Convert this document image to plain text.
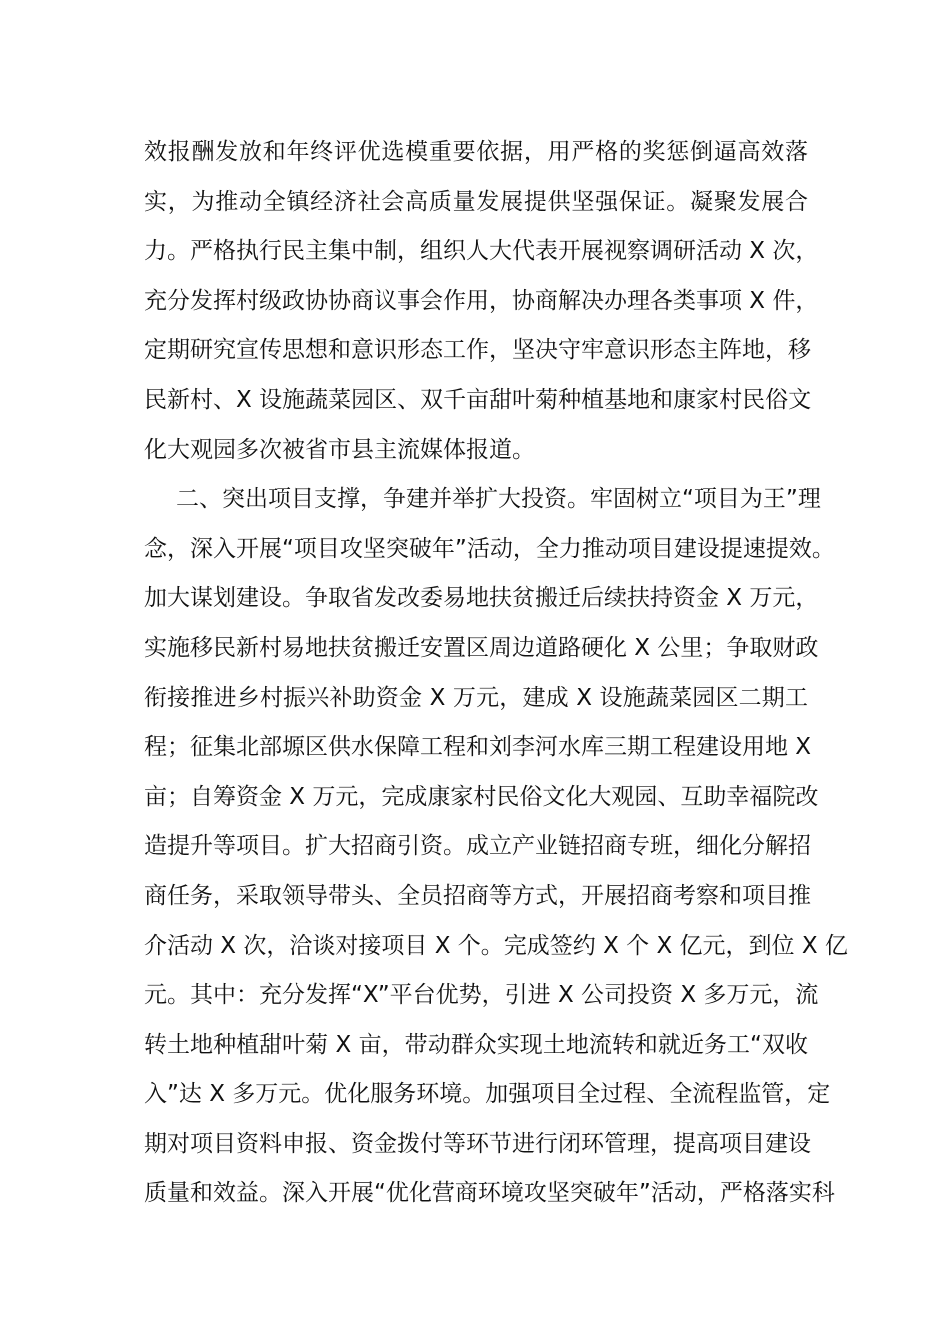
效报酬发放和年终评优选模重要依据，用严格的奖惩倒逼高效落
实，为推动全镇经济社会高质量发展提供坚强保证。凝聚发展合
力。严格执行民主集中制，组织人大代表开展视察调研活动 X 次，
充分发挥村级政协协商议事会作用，协商解决办理各类事项 X 件，
定期研究宣传思想和意识形态工作，坚决守牢意识形态主阵地，移
民新村、X 设施蔬菜园区、双千亩甜叶菊种植基地和康家村民俗文
化大观园多次被省市县主流媒体报道。
二、突出项目支撑，争建并举扩大投资。牢固树立“项目为王”理
念，深入开展“项目攻坚突破年”活动，全力推动项目建设提速提效。
加大谋划建设。争取省发改委易地扶贫搬迁后续扶持资金 X 万元，
实施移民新村易地扶贫搬迁安置区周边道路硬化 X 公里；争取财政
衔接推进乡村振兴补助资金 X 万元，建成 X 设施蔬菜园区二期工
程；征集北部塬区供水保障工程和刘李河水库三期工程建设用地 X
亩；自筹资金 X 万元，完成康家村民俗文化大观园、互助幸福院改
造提升等项目。扩大招商引资。成立产业链招商专班，细化分解招
商任务，采取领导带头、全员招商等方式，开展招商考察和项目推
介活动 X 次，洽谈对接项目 X 个。完成签约 X 个 X 亿元，到位 X 亿
元。其中：充分发挥“X”平台优势，引进 X 公司投资 X 多万元，流
转土地种植甜叶菊 X 亩，带动群众实现土地流转和就近务工“双收
入”达 X 多万元。优化服务环境。加强项目全过程、全流程监管，定
期对项目资料申报、资金拨付等环节进行闭环管理，提高项目建设
质量和效益。深入开展“优化营商环境攻坚突破年”活动，严格落实科
